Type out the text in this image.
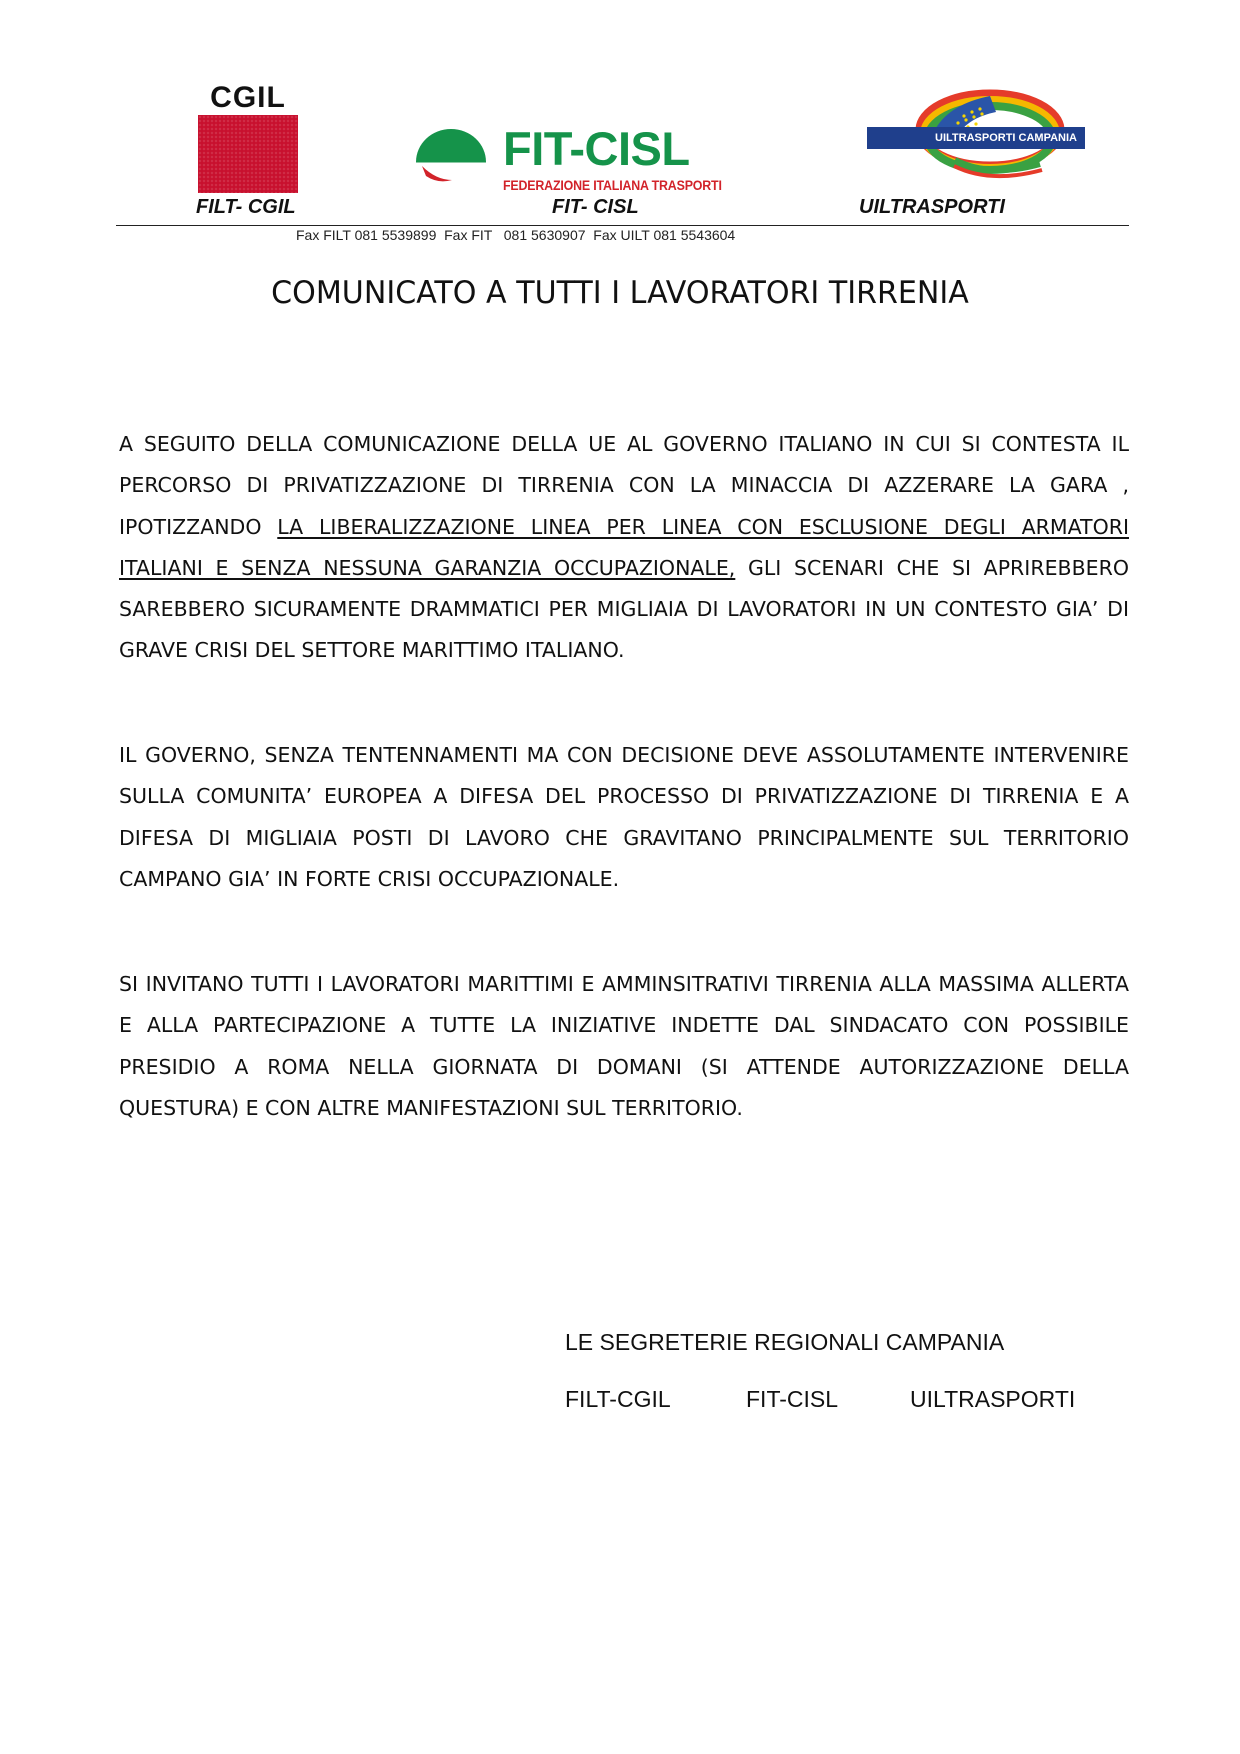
CGIL
FILT- CGIL
FIT-CISL
FEDERAZIONE ITALIANA TRASPORTI
FIT- CISL
UILTRASPORTI CAMPANIA
UILTRASPORTI
Fax FILT 081 5539899  Fax FIT   081 5630907  Fax UILT 081 5543604
COMUNICATO A TUTTI I LAVORATORI TIRRENIA

A SEGUITO DELLA COMUNICAZIONE DELLA UE AL GOVERNO ITALIANO IN CUI SI CONTESTA IL PERCORSO DI PRIVATIZZAZIONE DI TIRRENIA CON LA MINACCIA DI AZZERARE LA GARA , IPOTIZZANDO LA LIBERALIZZAZIONE LINEA PER LINEA CON ESCLUSIONE DEGLI ARMATORI ITALIANI E SENZA NESSUNA GARANZIA OCCUPAZIONALE, GLI SCENARI CHE SI APRIREBBERO SAREBBERO SICURAMENTE DRAMMATICI PER MIGLIAIA DI LAVORATORI IN UN CONTESTO GIA’ DI GRAVE CRISI DEL SETTORE MARITTIMO ITALIANO.

IL GOVERNO, SENZA TENTENNAMENTI MA CON DECISIONE DEVE ASSOLUTAMENTE INTERVENIRE SULLA COMUNITA’ EUROPEA A DIFESA DEL PROCESSO DI PRIVATIZZAZIONE DI TIRRENIA E A DIFESA DI MIGLIAIA POSTI DI LAVORO CHE GRAVITANO PRINCIPALMENTE SUL TERRITORIO CAMPANO GIA’ IN FORTE CRISI OCCUPAZIONALE.

SI INVITANO TUTTI I LAVORATORI MARITTIMI E AMMINSITRATIVI TIRRENIA ALLA MASSIMA ALLERTA E ALLA PARTECIPAZIONE A TUTTE LA INIZIATIVE INDETTE DAL SINDACATO CON POSSIBILE PRESIDIO A ROMA NELLA GIORNATA DI DOMANI (SI ATTENDE AUTORIZZAZIONE DELLA QUESTURA) E CON ALTRE MANIFESTAZIONI SUL TERRITORIO.

LE SEGRETERIE REGIONALI CAMPANIA
FILT-CGIL	FIT-CISL	UILTRASPORTI
